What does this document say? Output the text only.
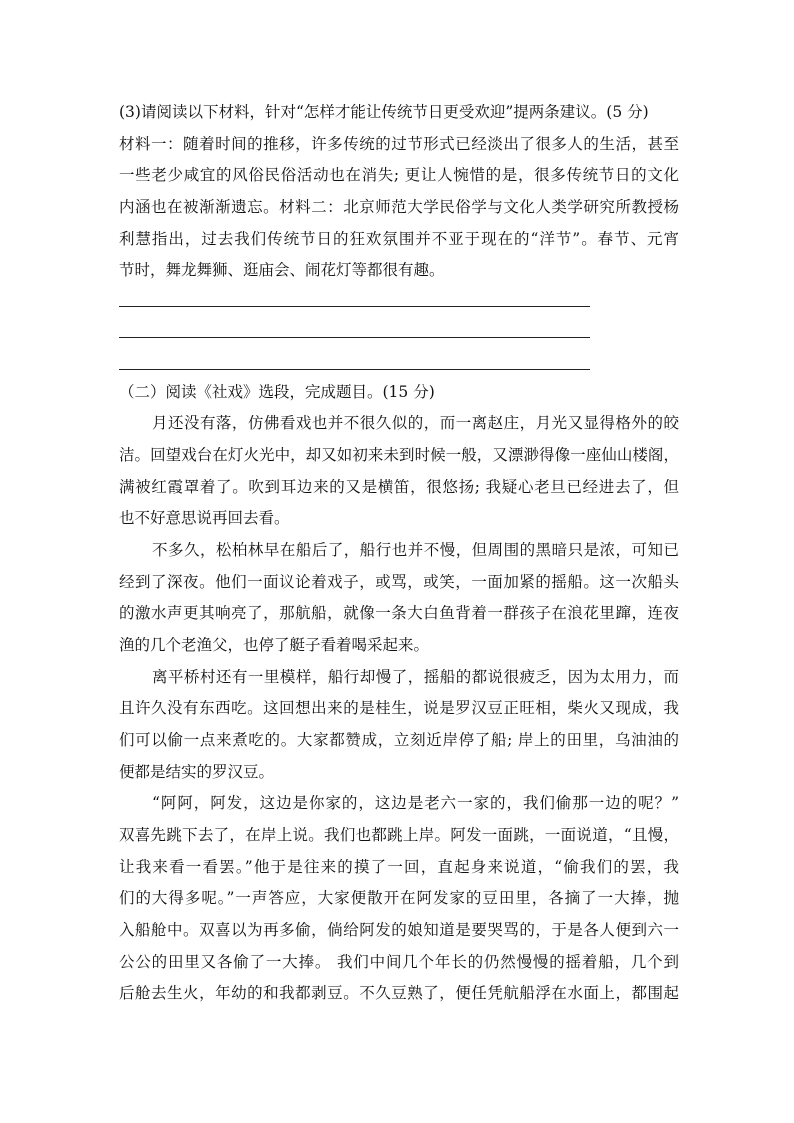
(3)请阅读以下材料，针对“怎样才能让传统节日更受欢迎”提两条建议。(5 分)
材料一：随着时间的推移，许多传统的过节形式已经淡出了很多人的生活，甚至
一些老少咸宜的风俗民俗活动也在消失; 更让人惋惜的是，很多传统节日的文化
内涵也在被渐渐遗忘。材料二：北京师范大学民俗学与文化人类学研究所教授杨
利慧指出，过去我们传统节日的狂欢氛围并不亚于现在的“洋节”。春节、元宵
节时，舞龙舞狮、逛庙会、闹花灯等都很有趣。
（二）阅读《社戏》选段，完成题目。(15 分)
月还没有落，仿佛看戏也并不很久似的，而一离赵庄，月光又显得格外的皎
洁。回望戏台在灯火光中，却又如初来未到时候一般，又漂渺得像一座仙山楼阁，
满被红霞罩着了。吹到耳边来的又是横笛，很悠扬; 我疑心老旦已经进去了，但
也不好意思说再回去看。
不多久，松柏林早在船后了，船行也并不慢，但周围的黑暗只是浓，可知已
经到了深夜。他们一面议论着戏子，或骂，或笑，一面加紧的摇船。这一次船头
的激水声更其响亮了，那航船，就像一条大白鱼背着一群孩子在浪花里蹿，连夜
渔的几个老渔父，也停了艇子看着喝采起来。
离平桥村还有一里模样，船行却慢了，摇船的都说很疲乏，因为太用力，而
且许久没有东西吃。这回想出来的是桂生，说是罗汉豆正旺相，柴火又现成，我
们可以偷一点来煮吃的。大家都赞成，立刻近岸停了船; 岸上的田里，乌油油的
便都是结实的罗汉豆。
“阿阿，阿发，这边是你家的，这边是老六一家的，我们偷那一边的呢？”
双喜先跳下去了，在岸上说。我们也都跳上岸。阿发一面跳，一面说道，“且慢，
让我来看一看罢。”他于是往来的摸了一回，直起身来说道，“偷我们的罢，我
们的大得多呢。”一声答应，大家便散开在阿发家的豆田里，各摘了一大捧，抛
入船舱中。双喜以为再多偷，倘给阿发的娘知道是要哭骂的，于是各人便到六一
公公的田里又各偷了一大捧。 我们中间几个年长的仍然慢慢的摇着船，几个到
后舱去生火，年幼的和我都剥豆。不久豆熟了，便任凭航船浮在水面上，都围起
